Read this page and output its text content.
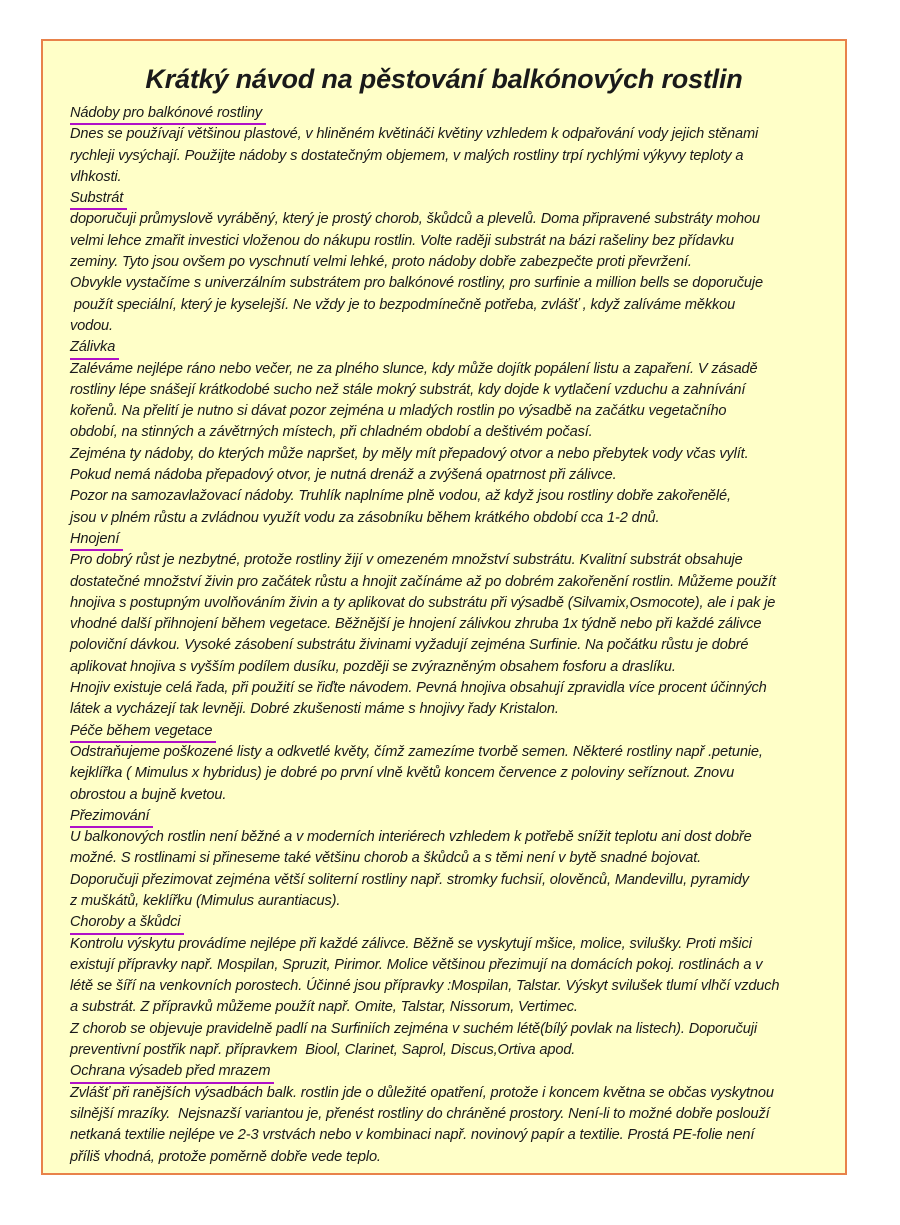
Krátký návod na pěstování balkónových rostlin
Nádoby pro balkónové rostliny
Dnes se používají většinou plastové, v hliněném květináči květiny vzhledem k odpařování vody jejich stěnami
rychleji vysýchají. Použijte nádoby s dostatečným objemem, v malých rostliny trpí rychlými výkyvy teploty a
vlhkosti.
Substrát
doporučuji průmyslově vyráběný, který je prostý chorob, škůdců a plevelů. Doma připravené substráty mohou
velmi lehce zmařit investici vloženou do nákupu rostlin. Volte raději substrát na bázi rašeliny bez přídavku
zeminy. Tyto jsou ovšem po vyschnutí velmi lehké, proto nádoby dobře zabezpečte proti převržení.
Obvykle vystačíme s univerzálním substrátem pro balkónové rostliny, pro surfinie a million bells se doporučuje
použít speciální, který je kyselejší. Ne vždy je to bezpodmínečně potřeba, zvlášť , když zalíváme měkkou
vodou.
Zálivka
Zaléváme nejlépe ráno nebo večer, ne za plného slunce, kdy může dojítk popálení listu a zapaření. V zásadě
rostliny lépe snášejí krátkodobé sucho než stále mokrý substrát, kdy dojde k vytlačení vzduchu a zahnívání
kořenů. Na přelití je nutno si dávat pozor zejména u mladých rostlin po výsadbě na začátku vegetačního
období, na stinných a závětrných místech, při chladném období a deštivém počasí.
Zejména ty nádoby, do kterých může napršet, by měly mít přepadový otvor a nebo přebytek vody včas vylít.
Pokud nemá nádoba přepadový otvor, je nutná drenáž a zvýšená opatrnost při zálivce.
Pozor na samozavlažovací nádoby. Truhlík naplníme plně vodou, až když jsou rostliny dobře zakořenělé,
jsou v plném růstu a zvládnou využít vodu za zásobníku během krátkého období cca 1-2 dnů.
Hnojení
Pro dobrý růst je nezbytné, protože rostliny žijí v omezeném množství substrátu. Kvalitní substrát obsahuje
dostatečné množství živin pro začátek růstu a hnojit začínáme až po dobrém zakořenění rostlin. Můžeme použít
hnojiva s postupným uvolňováním živin a ty aplikovat do substrátu při výsadbě (Silvamix,Osmocote), ale i pak je
vhodné další přihnojení během vegetace. Běžnější je hnojení zálivkou zhruba 1x týdně nebo při každé zálivce
poloviční dávkou. Vysoké zásobení substrátu živinami vyžadují zejména Surfinie. Na počátku růstu je dobré
aplikovat hnojiva s vyšším podílem dusíku, později se zvýrazněným obsahem fosforu a draslíku.
Hnojiv existuje celá řada, při použití se řiďte návodem. Pevná hnojiva obsahují zpravidla více procent účinných
látek a vycházejí tak levněji. Dobré zkušenosti máme s hnojivy řady Kristalon.
Péče během vegetace
Odstraňujeme poškozené listy a odkvetlé květy, čímž zamezíme tvorbě semen. Některé rostliny např .petunie,
kejklířka ( Mimulus x hybridus) je dobré po první vlně květů koncem července z poloviny seříznout. Znovu
obrostou a bujně kvetou.
Přezimování
U balkonových rostlin není běžné a v moderních interiérech vzhledem k potřebě snížit teplotu ani dost dobře
možné. S rostlinami si přineseme také většinu chorob a škůdců a s těmi není v bytě snadné bojovat.
Doporučuji přezimovat zejména větší soliterní rostliny např. stromky fuchsií, olověnců, Mandevillu, pyramidy
z muškátů, keklířku (Mimulus aurantiacus).
Choroby a škůdci
Kontrolu výskytu provádíme nejlépe při každé zálivce. Běžně se vyskytují mšice, molice, svilušky. Proti mšici
existují přípravky např. Mospilan, Spruzit, Pirimor. Molice většinou přezimují na domácích pokoj. rostlinách a v
létě se šíří na venkovních porostech. Účinné jsou přípravky :Mospilan, Talstar. Výskyt svilušek tlumí vlhčí vzduch
a substrát. Z přípravků můžeme použít např. Omite, Talstar, Nissorum, Vertimec.
Z chorob se objevuje pravidelně padlí na Surfiniích zejména v suchém létě(bílý povlak na listech). Doporučuji
preventivní postřik např. přípravkem  Biool, Clarinet, Saprol, Discus,Ortiva apod.
Ochrana výsadeb před mrazem
Zvlášť při ranějších výsadbách balk. rostlin jde o důležité opatření, protože i koncem května se občas vyskytnou
silnější mrazíky.  Nejsnazší variantou je, přenést rostliny do chráněné prostory. Není-li to možné dobře poslouží
netkaná textilie nejlépe ve 2-3 vrstvách nebo v kombinaci např. novinový papír a textilie. Prostá PE-folie není
příliš vhodná, protože poměrně dobře vede teplo.
